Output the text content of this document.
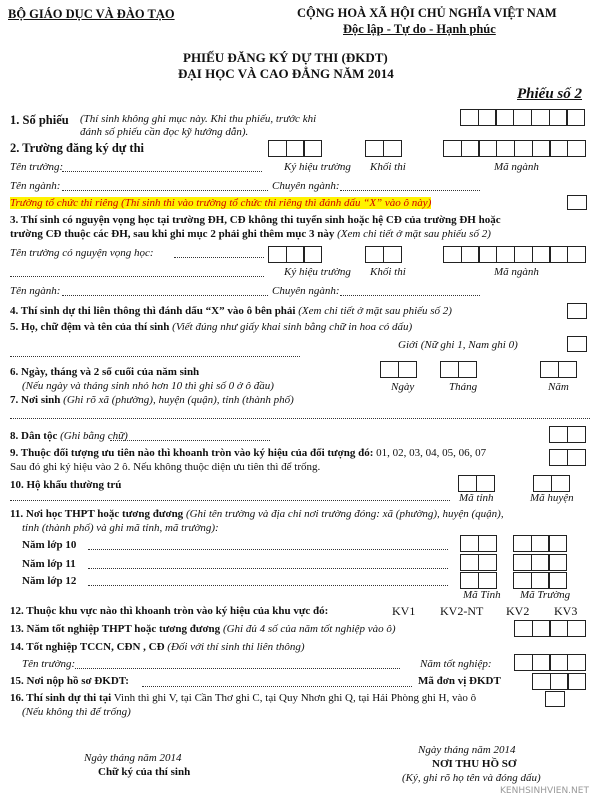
BỘ GIÁO DỤC VÀ ĐÀO TẠO	CỘNG HOÀ XÃ HỘI CHỦ NGHĨA VIỆT NAM
Độc lập - Tự do - Hạnh phúc
PHIẾU ĐĂNG KÝ DỰ THI (ĐKDT)
ĐẠI HỌC VÀ CAO ĐẲNG NĂM 2014
Phiếu số 2
1. Số phiếu (Thí sinh không ghi mục này. Khi thu phiếu, trước khi
đánh số phiếu cần đọc kỹ hướng dẫn).
2. Trường đăng ký dự thi
Tên trường:	Ký hiệu trường Khối thi	Mã ngành
Tên ngành:	Chuyên ngành:
Trường tổ chức thi riêng (Thí sinh thi vào trường tổ chức thi riêng thì đánh dấu “X” vào ô này)
3. Thí sinh có nguyện vọng học tại trường ĐH, CĐ không thi tuyển sinh hoặc hệ CĐ của trường ĐH hoặc
trường CĐ thuộc các ĐH, sau khi ghi mục 2 phải ghi thêm mục 3 này (Xem chi tiết ở mặt sau phiếu số 2)
Tên trường có nguyện vọng học:
Ký hiệu trường Khối thi	Mã ngành
Tên ngành:	Chuyên ngành:
4. Thí sinh dự thi liên thông thì đánh dấu “X” vào ô bên phải (Xem chi tiết ở mặt sau phiếu số 2)
5. Họ, chữ đệm và tên của thí sinh (Viết đúng như giấy khai sinh bằng chữ in hoa có dấu)
Giới (Nữ ghi 1, Nam ghi 0)
6. Ngày, tháng và 2 số cuối của năm sinh
(Nếu ngày và tháng sinh nhỏ hơn 10 thì ghi số 0 ở ô đầu)	Ngày	Tháng	Năm
7. Nơi sinh (Ghi rõ xã (phường), huyện (quận), tỉnh (thành phố)
8. Dân tộc (Ghi bằng chữ)
9. Thuộc đối tượng ưu tiên nào thì khoanh tròn vào ký hiệu của đối tượng đó: 01, 02, 03, 04, 05, 06, 07
Sau đó ghi ký hiệu vào 2 ô. Nếu không thuộc diện ưu tiên thì để trống.
10. Hộ khẩu thường trú
Mã tỉnh	Mã huyện
11. Nơi học THPT hoặc tương đương (Ghi tên trường và địa chỉ nơi trường đóng: xã (phường), huyện (quận),
tỉnh (thành phố) và ghi mã tỉnh, mã trường):
Năm lớp 10
Năm lớp 11
Năm lớp 12
Mã Tỉnh Mã Trường
12. Thuộc khu vực nào thì khoanh tròn vào ký hiệu của khu vực đó:	KV1 KV2-NT KV2 KV3
13. Năm tốt nghiệp THPT hoặc tương đương (Ghi đủ 4 số của năm tốt nghiệp vào ô)
14. Tốt nghiệp TCCN, CĐN , CĐ (Đối với thí sinh thi liên thông)
Tên trường:	Năm tốt nghiệp:
15. Nơi nộp hồ sơ ĐKDT:	Mã đơn vị ĐKDT
16. Thí sinh dự thi tại Vinh thì ghi V, tại Cần Thơ ghi C, tại Quy Nhơn ghi Q, tại Hải Phòng ghi H, vào ô
(Nếu không thì để trống)
Ngày tháng năm 2014
Chữ ký của thí sinh
Ngày tháng năm 2014
NƠI THU HỒ SƠ
(Ký, ghi rõ họ tên và đóng dấu)
KENHSINHVIEN.NET
